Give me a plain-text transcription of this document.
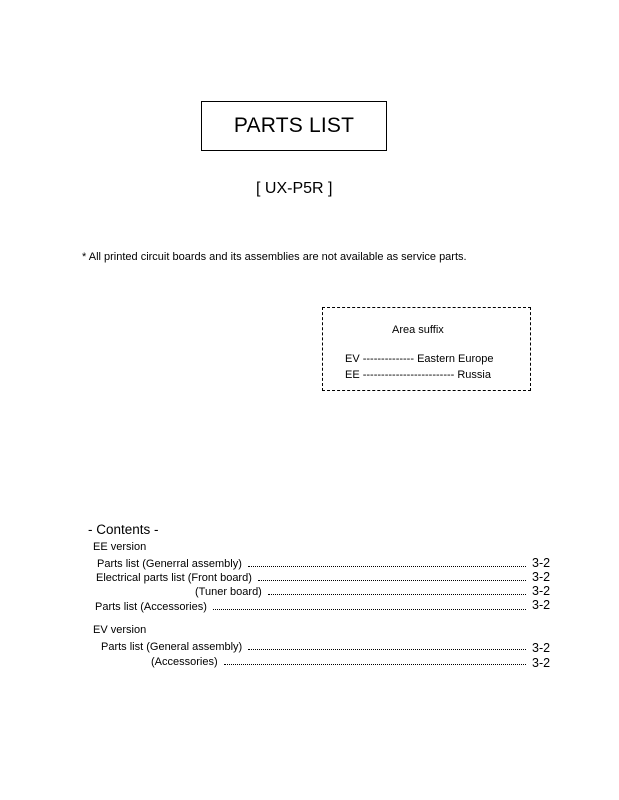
PARTS LIST
[ UX-P5R ]
* All printed circuit boards and its assemblies are not available as service parts.
Area suffix
EV -------------- Eastern Europe
EE ------------------------- Russia
- Contents -
EE version
Parts list (Generral assembly)	3-2
Electrical parts list (Front board)	3-2
(Tuner board)	3-2
Parts list (Accessories)	3-2
EV version
Parts list (General assembly)	3-2
(Accessories)	3-2
